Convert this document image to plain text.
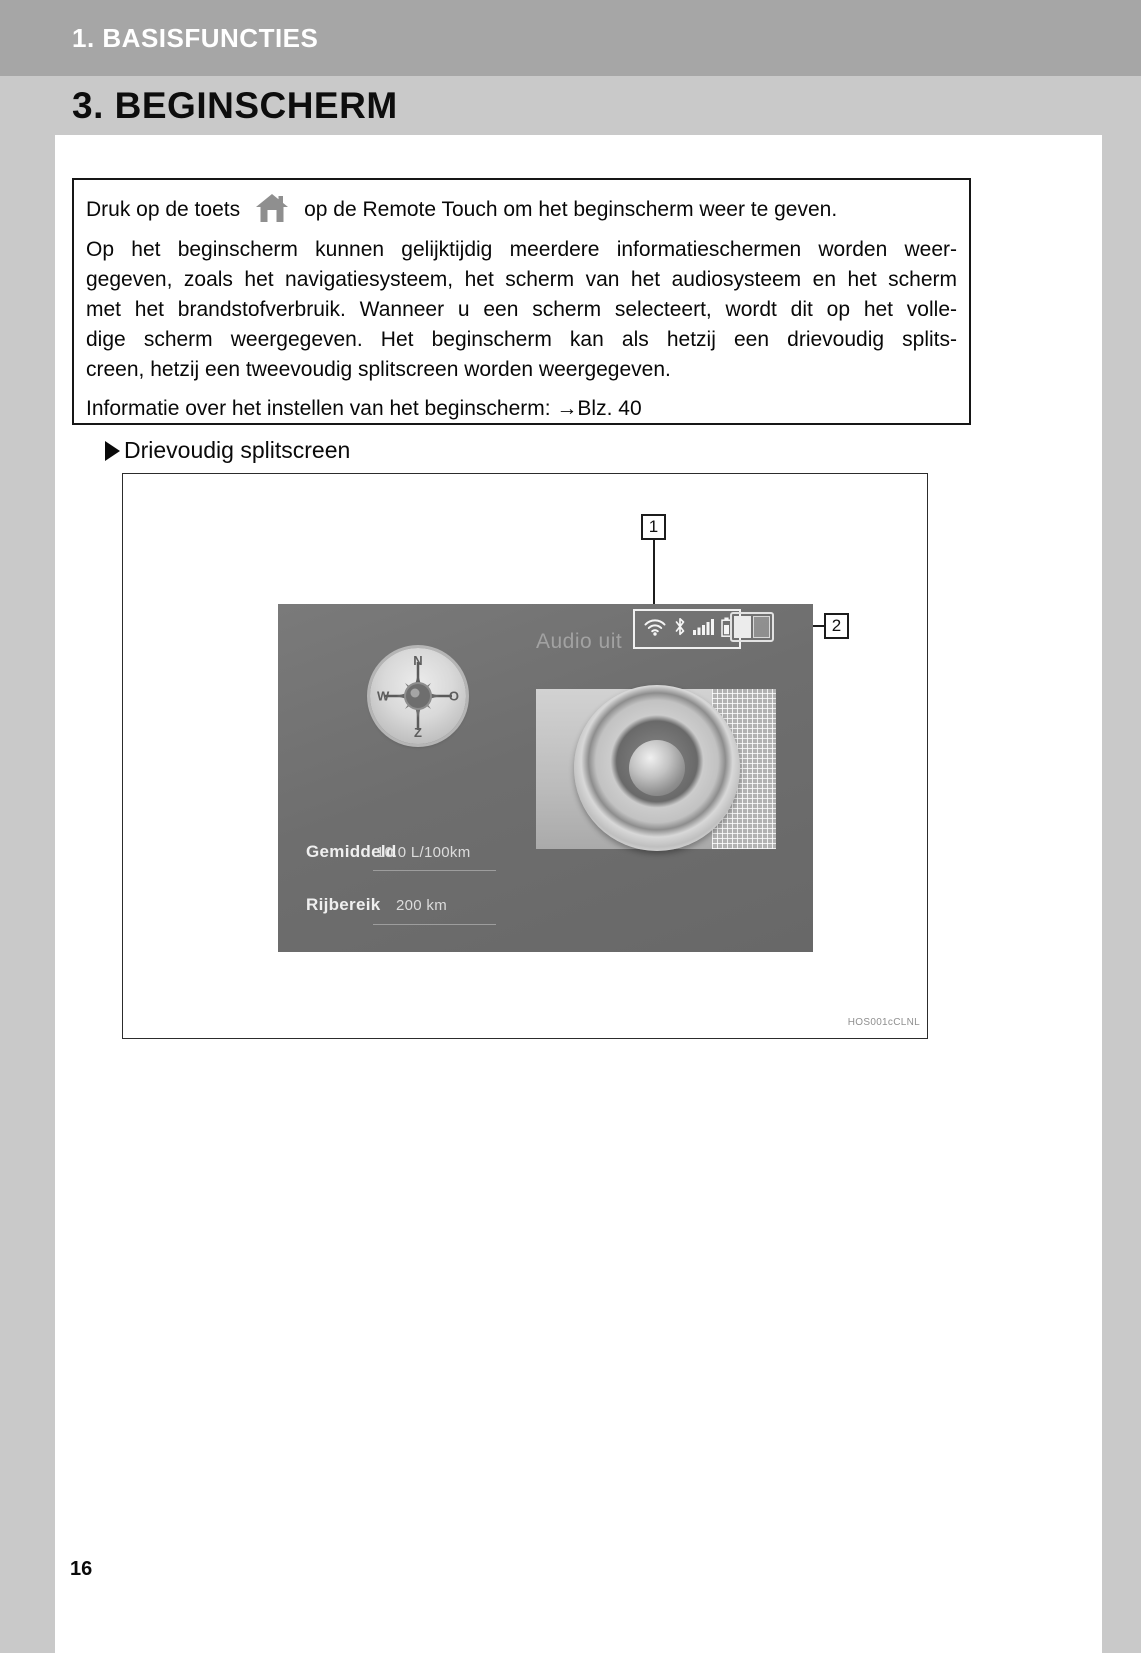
1. BASISFUNCTIES
3. BEGINSCHERM
Druk op de toets	op de Remote Touch om het beginscherm weer te geven.
Op het beginscherm kunnen gelijktijdig meerdere informatieschermen worden weer-
gegeven, zoals het navigatiesysteem, het scherm van het audiosysteem en het scherm
met het brandstofverbruik. Wanneer u een scherm selecteert, wordt dit op het volle-
dige scherm weergegeven. Het beginscherm kan als hetzij een drievoudig splits-
creen, hetzij een tweevoudig splitscreen worden weergegeven.
Informatie over het instellen van het beginscherm: →Blz. 40
Drievoudig splitscreen
1
2
N
W	O
Z
Audio uit
Gemiddeld
10.0 L/100km
Rijbereik 200 km
HOS001cCLNL
16
